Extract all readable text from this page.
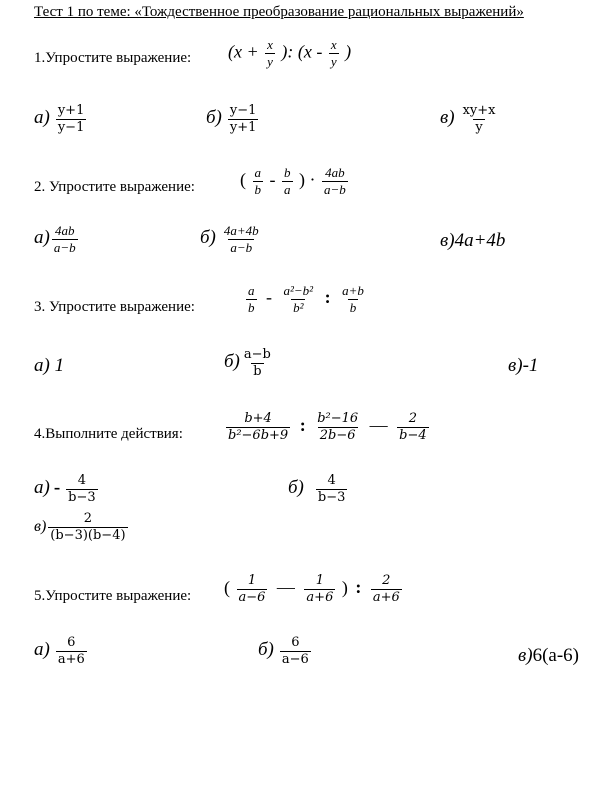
Тест 1 по теме: «Тождественное преобразование рациональных выражений»
1.Упростите выражение: ($x + \frac{x}{y}$ ): ($x - \frac{x}{y}$ )
$а) \frac{y+1}{y-1}$	$б) \frac{y-1}{y+1}$	$в) \frac{xy+x}{y}$
2. Упростите выражение:	( $\frac{a}{b} - \frac{b}{a}$ ) · $\frac{4ab}{a-b}$
$а) \frac{4ab}{a-b}$	$б) \frac{4a+4b}{a-b}$	в)4a+4b
3. Упростите выражение:	$\frac{a}{b} - \frac{\text{a²−b²}}{\text{b²}}$ : $\frac{a+b}{b}$
а) 1	$б) \frac{a-b}{b}$	в)-1
4.Выполните действия:	$\frac{b+4}{\text{b²−6b+9}}$ : $\frac{\text{b²−16}}{2b-6}$ — $\frac{2}{b-4}$
$а) - \frac{4}{b-3}$	$б) \frac{4}{b-3}$
$в) \frac{2}{(b-3)(b-4)}$
5.Упростите выражение: ( $\frac{1}{a-6}$ — $\frac{1}{a+6}$ ) : $\frac{2}{a+6}$
$а) \frac{6}{a+6}$	$б) \frac{6}{a-6}$	в)6(a-6)
